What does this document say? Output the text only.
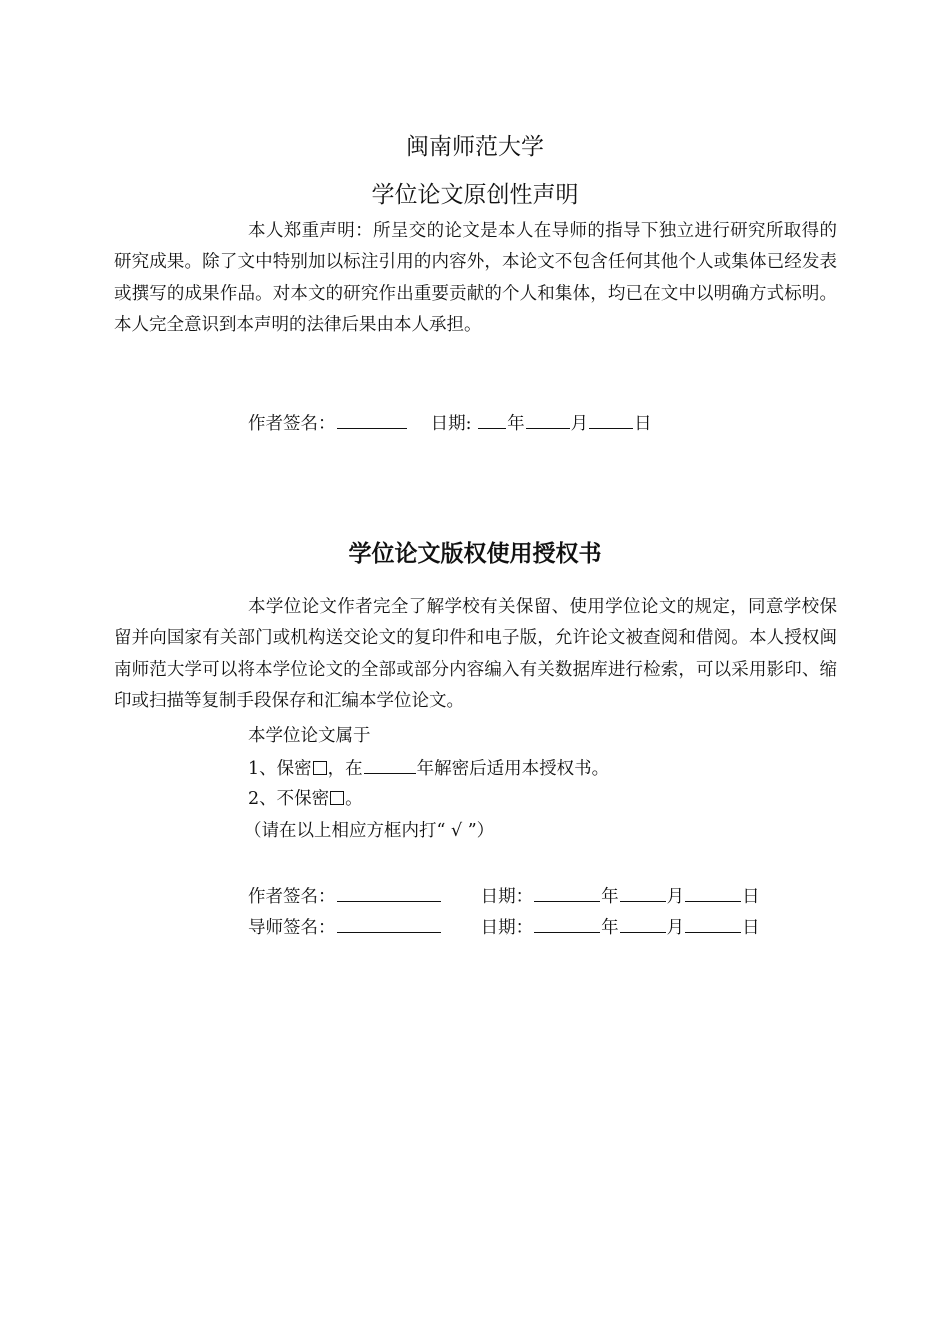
闽南师范大学
学位论文原创性声明
本人郑重声明：所呈交的论文是本人在导师的指导下独立进行研究所取得的研究成果。除了文中特别加以标注引用的内容外，本论文不包含任何其他个人或集体已经发表或撰写的成果作品。对本文的研究作出重要贡献的个人和集体，均已在文中以明确方式标明。本人完全意识到本声明的法律后果由本人承担。
作者签名：	日期: 年	月	日
学位论文版权使用授权书
本学位论文作者完全了解学校有关保留、使用学位论文的规定，同意学校保留并向国家有关部门或机构送交论文的复印件和电子版，允许论文被查阅和借阅。本人授权闽南师范大学可以将本学位论文的全部或部分内容编入有关数据库进行检索，可以采用影印、缩印或扫描等复制手段保存和汇编本学位论文。
本学位论文属于
1、保密 ，在	年解密后适用本授权书。
2、不保密 。
（请在以上相应方框内打“ √ ”）
作者签名：	日期：	年	月	日
导师签名：	日期：	年	月	日
